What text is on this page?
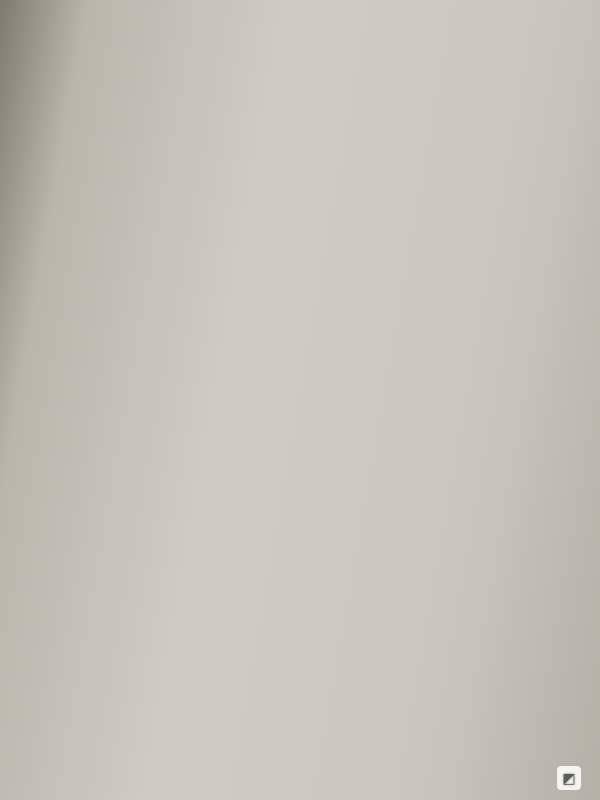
◩
